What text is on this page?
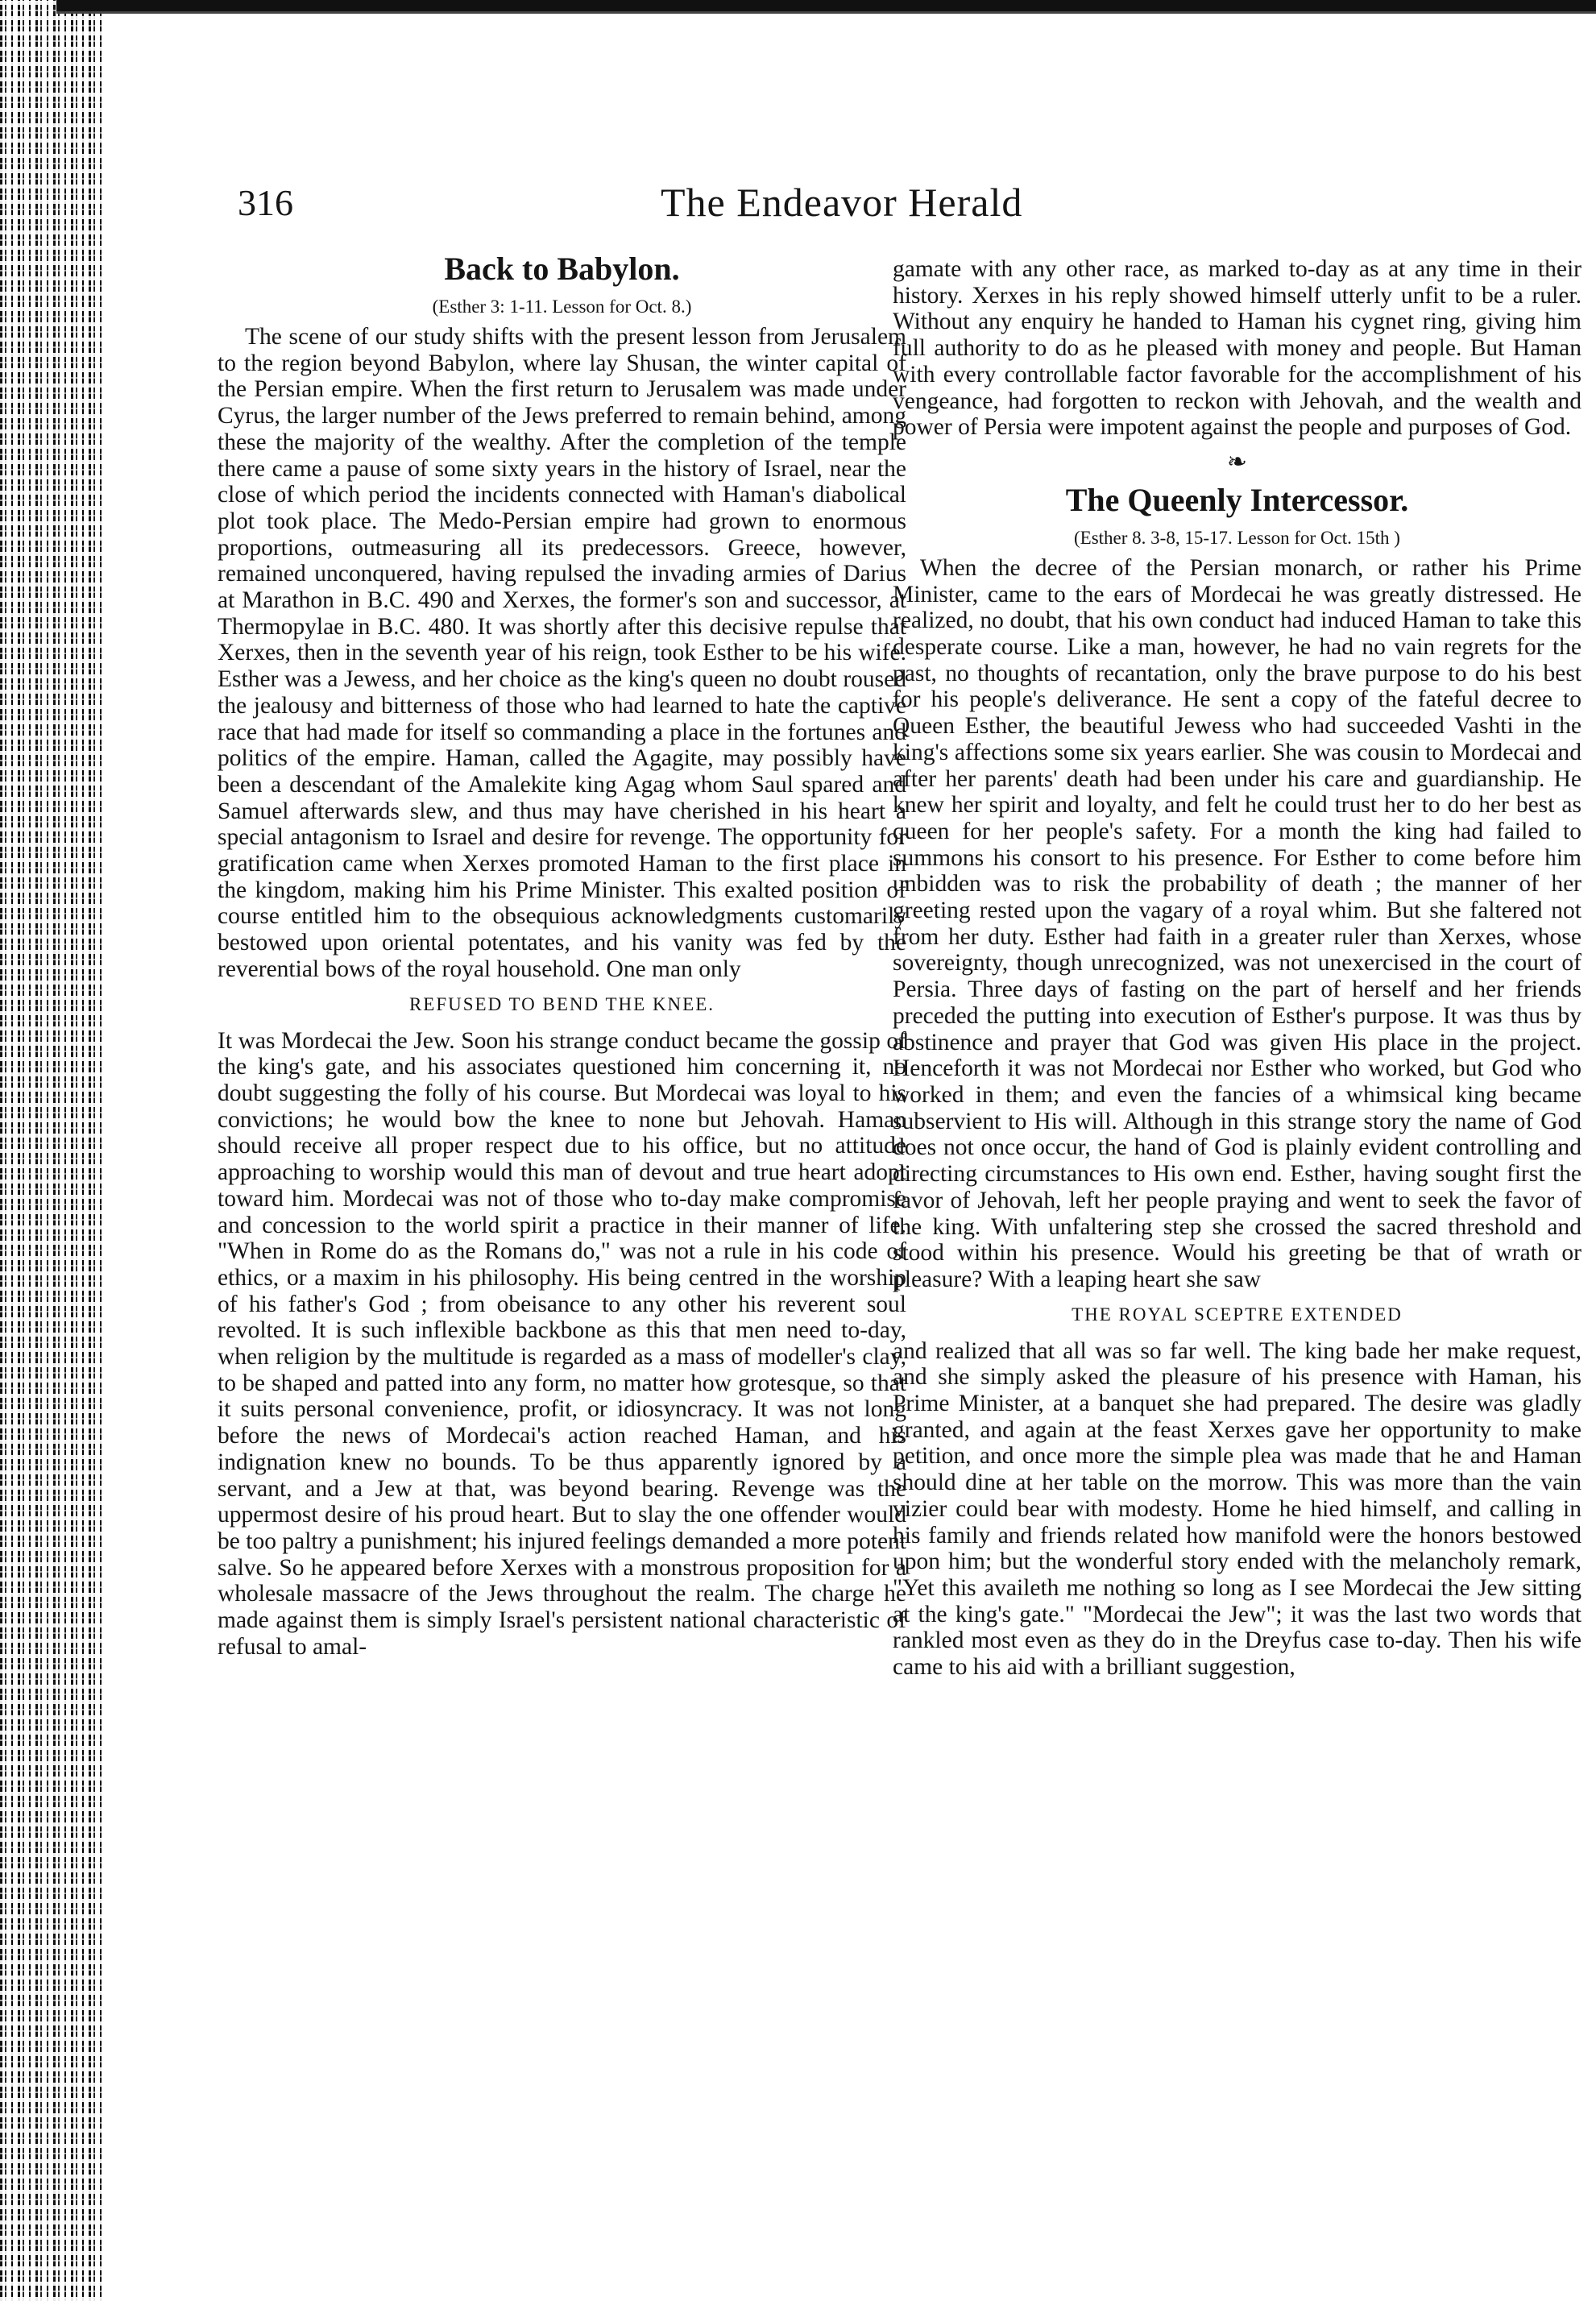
316	The Endeavor Herald
Back to Babylon.
(Esther 3: 1-11. Lesson for Oct. 8.)

The scene of our study shifts with the present lesson from Jerusalem to the region beyond Babylon, where lay Shusan, the winter capital of the Persian empire. When the first return to Jerusalem was made under Cyrus, the larger number of the Jews preferred to remain behind, among these the majority of the wealthy. After the completion of the temple there came a pause of some sixty years in the history of Israel, near the close of which period the incidents connected with Haman's diabolical plot took place. The Medo-Persian empire had grown to enormous proportions, outmeasuring all its predecessors. Greece, however, remained unconquered, having repulsed the invading armies of Darius at Marathon in B.C. 490 and Xerxes, the former's son and successor, at Thermopylae in B.C. 480. It was shortly after this decisive repulse that Xerxes, then in the seventh year of his reign, took Esther to be his wife. Esther was a Jewess, and her choice as the king's queen no doubt roused the jealousy and bitterness of those who had learned to hate the captive race that had made for itself so commanding a place in the fortunes and politics of the empire. Haman, called the Agagite, may possibly have been a descendant of the Amalekite king Agag whom Saul spared and Samuel afterwards slew, and thus may have cherished in his heart a special antagonism to Israel and desire for revenge. The opportunity for gratification came when Xerxes promoted Haman to the first place in the kingdom, making him his Prime Minister. This exalted position of course entitled him to the obsequious acknowledgments customarily bestowed upon oriental potentates, and his vanity was fed by the reverential bows of the royal household. One man only

REFUSED TO BEND THE KNEE.

It was Mordecai the Jew. Soon his strange conduct became the gossip of the king's gate, and his associates questioned him concerning it, no doubt suggesting the folly of his course. But Mordecai was loyal to his convictions; he would bow the knee to none but Jehovah. Haman should receive all proper respect due to his office, but no attitude approaching to worship would this man of devout and true heart adopt toward him. Mordecai was not of those who to-day make compromise and concession to the world spirit a practice in their manner of life. "When in Rome do as the Romans do," was not a rule in his code of ethics, or a maxim in his philosophy. His being centred in the worship of his father's God ; from obeisance to any other his reverent soul revolted. It is such inflexible backbone as this that men need to-day, when religion by the multitude is regarded as a mass of modeller's clay, to be shaped and patted into any form, no matter how grotesque, so that it suits personal convenience, profit, or idiosyncracy. It was not long before the news of Mordecai's action reached Haman, and his indignation knew no bounds. To be thus apparently ignored by a servant, and a Jew at that, was beyond bearing. Revenge was the uppermost desire of his proud heart. But to slay the one offender would be too paltry a punishment; his injured feelings demanded a more potent salve. So he appeared before Xerxes with a monstrous proposition for a wholesale massacre of the Jews throughout the realm. The charge he made against them is simply Israel's persistent national characteristic of refusal to amal-

gamate with any other race, as marked to-day as at any time in their history. Xerxes in his reply showed himself utterly unfit to be a ruler. Without any enquiry he handed to Haman his cygnet ring, giving him full authority to do as he pleased with money and people. But Haman with every controllable factor favorable for the accomplishment of his vengeance, had forgotten to reckon with Jehovah, and the wealth and power of Persia were impotent against the people and purposes of God.

❧
The Queenly Intercessor.
(Esther 8. 3-8, 15-17. Lesson for Oct. 15th )

When the decree of the Persian monarch, or rather his Prime Minister, came to the ears of Mordecai he was greatly distressed. He realized, no doubt, that his own conduct had induced Haman to take this desperate course. Like a man, however, he had no vain regrets for the past, no thoughts of recantation, only the brave purpose to do his best for his people's deliverance. He sent a copy of the fateful decree to Queen Esther, the beautiful Jewess who had succeeded Vashti in the king's affections some six years earlier. She was cousin to Mordecai and after her parents' death had been under his care and guardianship. He knew her spirit and loyalty, and felt he could trust her to do her best as queen for her people's safety. For a month the king had failed to summons his consort to his presence. For Esther to come before him unbidden was to risk the probability of death ; the manner of her greeting rested upon the vagary of a royal whim. But she faltered not from her duty. Esther had faith in a greater ruler than Xerxes, whose sovereignty, though unrecognized, was not unexercised in the court of Persia. Three days of fasting on the part of herself and her friends preceded the putting into execution of Esther's purpose. It was thus by abstinence and prayer that God was given His place in the project. Henceforth it was not Mordecai nor Esther who worked, but God who worked in them; and even the fancies of a whimsical king became subservient to His will. Although in this strange story the name of God does not once occur, the hand of God is plainly evident controlling and directing circumstances to His own end. Esther, having sought first the favor of Jehovah, left her people praying and went to seek the favor of the king. With unfaltering step she crossed the sacred threshold and stood within his presence. Would his greeting be that of wrath or pleasure? With a leaping heart she saw

THE ROYAL SCEPTRE EXTENDED

and realized that all was so far well. The king bade her make request, and she simply asked the pleasure of his presence with Haman, his Prime Minister, at a banquet she had prepared. The desire was gladly granted, and again at the feast Xerxes gave her opportunity to make petition, and once more the simple plea was made that he and Haman should dine at her table on the morrow. This was more than the vain vizier could bear with modesty. Home he hied himself, and calling in his family and friends related how manifold were the honors bestowed upon him; but the wonderful story ended with the melancholy remark, "Yet this availeth me nothing so long as I see Mordecai the Jew sitting at the king's gate." "Mordecai the Jew"; it was the last two words that rankled most even as they do in the Dreyfus case to-day. Then his wife came to his aid with a brilliant suggestion,
